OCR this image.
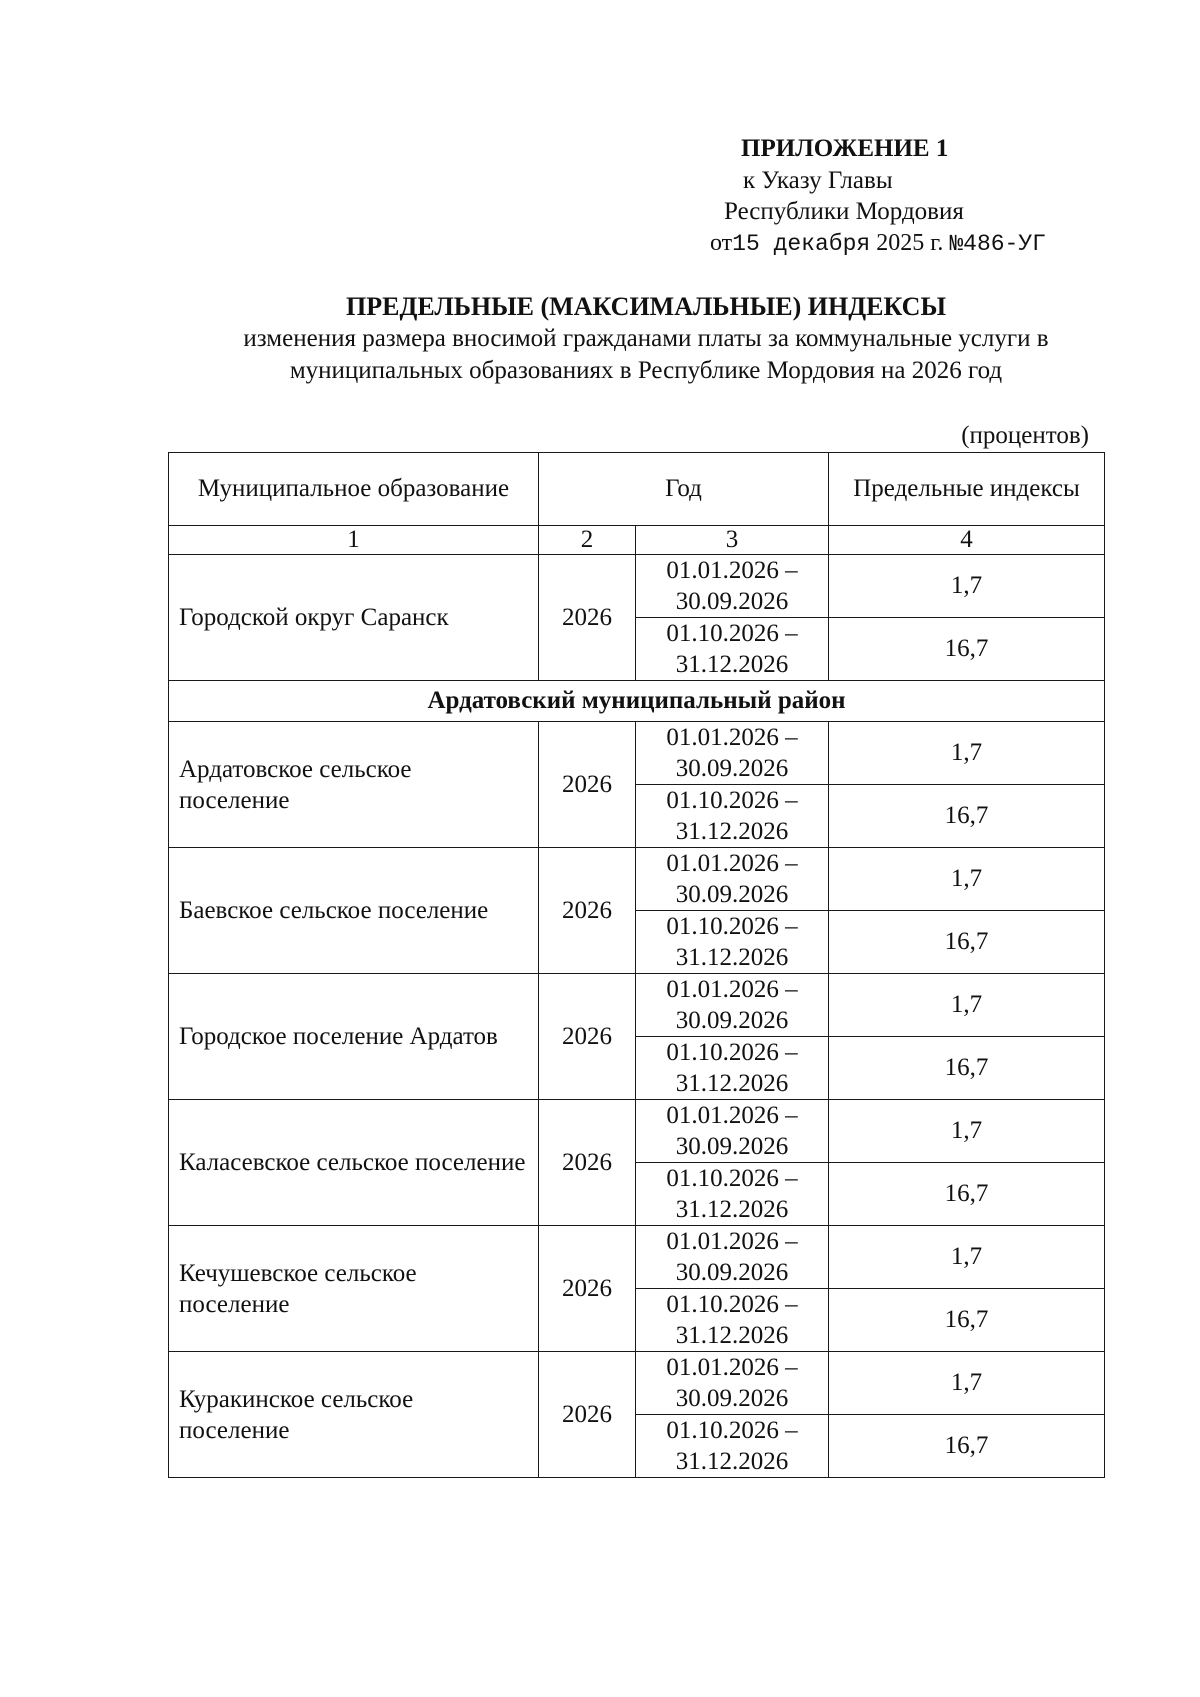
ПРИЛОЖЕНИЕ 1
к Указу Главы
Республики Мордовия
от15 декабря 2025 г. №486-УГ
ПРЕДЕЛЬНЫЕ (МАКСИМАЛЬНЫЕ) ИНДЕКСЫ
изменения размера вносимой гражданами платы за коммунальные услуги в
муниципальных образованиях в Республике Мордовия на 2026 год
(процентов)
Муниципальное образование	Год		Предельные индексы
1	2	3	4
Городской округ Саранск	2026	01.01.2026 –
30.09.2026	1,7

		01.10.2026 –
31.12.2026	16,7
Ардатовский муниципальный район			
Ардатовское сельское поселение	2026	01.01.2026 –
30.09.2026	1,7

		01.10.2026 –
31.12.2026	16,7
Баевское сельское поселение	2026	01.01.2026 –
30.09.2026	1,7

		01.10.2026 –
31.12.2026	16,7
Городское поселение Ардатов	2026	01.01.2026 –
30.09.2026	1,7

		01.10.2026 –
31.12.2026	16,7
Каласевское сельское поселение	2026	01.01.2026 –
30.09.2026	1,7

		01.10.2026 –
31.12.2026	16,7
Кечушевское сельское поселение	2026	01.01.2026 –
30.09.2026	1,7

		01.10.2026 –
31.12.2026	16,7
Куракинское сельское поселение	2026	01.01.2026 –
30.09.2026	1,7

		01.10.2026 –
31.12.2026	16,7
